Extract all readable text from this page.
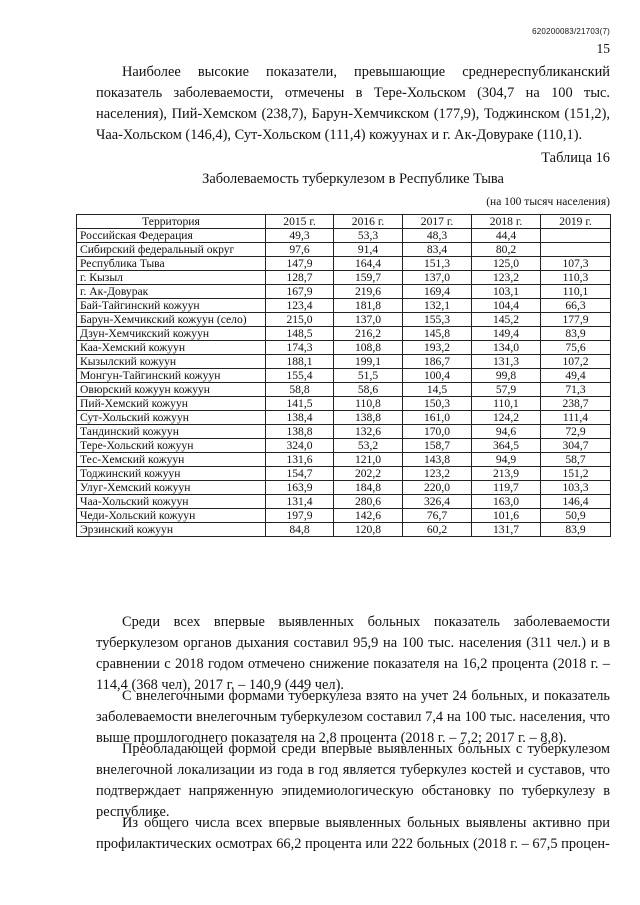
620200083/21703(7)
15

Наиболее высокие показатели, превышающие среднереспубликанский показатель заболеваемости, отмечены в Тере-Хольском (304,7 на 100 тыс. населения), Пий-Хемском (238,7), Барун-Хемчикском (177,9), Тоджинском (151,2), Чаа-Хольском (146,4), Сут-Хольском (111,4) кожуунах и г. Ак-Довураке (110,1).

Таблица 16
Заболеваемость туберкулезом в Республике Тыва
(на 100 тысяч населения)
Территория	2015 г.	2016 г.	2017 г.	2018 г.	2019 г.
Российская Федерация	49,3	53,3	48,3	44,4	
Сибирский федеральный округ	97,6	91,4	83,4	80,2	
Республика Тыва	147,9	164,4	151,3	125,0	107,3
г. Кызыл	128,7	159,7	137,0	123,2	110,3
г. Ак-Довурак	167,9	219,6	169,4	103,1	110,1
Бай-Тайгинский кожуун	123,4	181,8	132,1	104,4	66,3
Барун-Хемчикский кожуун (село)	215,0	137,0	155,3	145,2	177,9
Дзун-Хемчикский кожуун	148,5	216,2	145,8	149,4	83,9
Каа-Хемский кожуун	174,3	108,8	193,2	134,0	75,6
Кызылский кожуун	188,1	199,1	186,7	131,3	107,2
Монгун-Тайгинский кожуун	155,4	51,5	100,4	99,8	49,4
Овюрский кожуун кожуун	58,8	58,6	14,5	57,9	71,3
Пий-Хемский кожуун	141,5	110,8	150,3	110,1	238,7
Сут-Хольский кожуун	138,4	138,8	161,0	124,2	111,4
Тандинский кожуун	138,8	132,6	170,0	94,6	72,9
Тере-Хольский кожуун	324,0	53,2	158,7	364,5	304,7
Тес-Хемский кожуун	131,6	121,0	143,8	94,9	58,7
Тоджинский кожуун	154,7	202,2	123,2	213,9	151,2
Улуг-Хемский кожуун	163,9	184,8	220,0	119,7	103,3
Чаа-Хольский кожуун	131,4	280,6	326,4	163,0	146,4
Чеди-Хольский кожуун	197,9	142,6	76,7	101,6	50,9
Эрзинский кожуун	84,8	120,8	60,2	131,7	83,9

Среди всех впервые выявленных больных показатель заболеваемости туберкулезом органов дыхания составил 95,9 на 100 тыс. населения (311 чел.) и в сравнении с 2018 годом отмечено снижение показателя на 16,2 процента (2018 г. – 114,4 (368 чел), 2017 г. – 140,9 (449 чел).

С внелегочными формами туберкулеза взято на учет 24 больных, и показатель заболеваемости внелегочным туберкулезом составил 7,4 на 100 тыс. населения, что выше прошлогоднего показателя на 2,8 процента (2018 г. – 7,2; 2017 г. – 8,8).

Преобладающей формой среди впервые выявленных больных с туберкулезом внелегочной локализации из года в год является туберкулез костей и суставов, что подтверждает напряженную эпидемиологическую обстановку по туберкулезу в республике.

Из общего числа всех впервые выявленных больных выявлены активно при профилактических осмотрах 66,2 процента или 222 больных (2018 г. – 67,5 процен-
